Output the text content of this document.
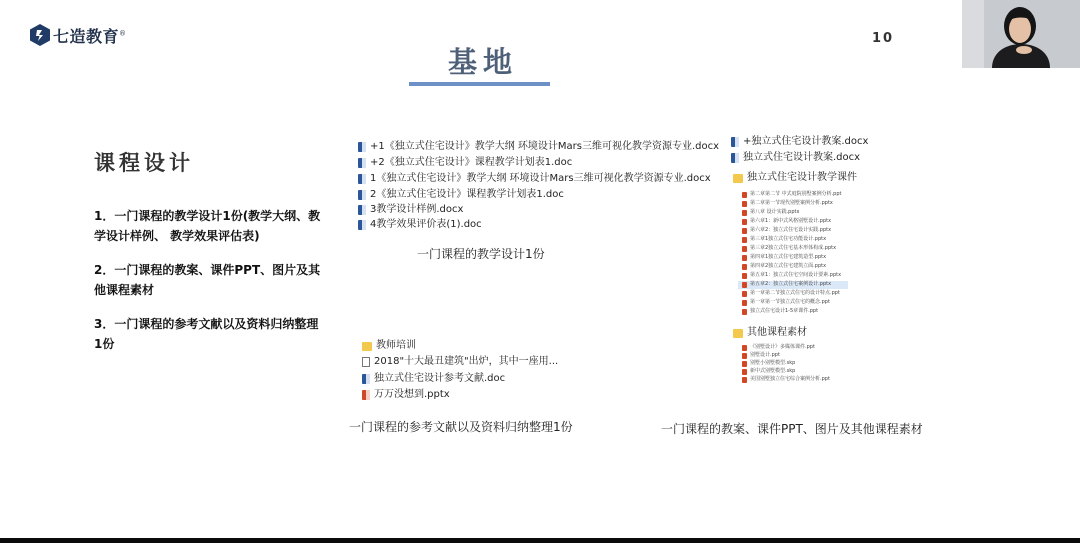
七造教育®	10
基地
课程设计
1．一门课程的教学设计1份(教学大纲、教学设计样例、 教学效果评估表)
2．一门课程的教案、课件PPT、图片及其他课程素材
3．一门课程的参考文献以及资料归纳整理1份
+1《独立式住宅设计》教学大纲 环境设计Mars三维可视化教学资源专业.docx
+2《独立式住宅设计》课程教学计划表1.doc
1《独立式住宅设计》教学大纲 环境设计Mars三维可视化教学资源专业.docx
2《独立式住宅设计》课程教学计划表1.doc
3教学设计样例.docx
4教学效果评价表(1).doc
一门课程的教学设计1份
教师培训
2018"十大最丑建筑"出炉，其中一座用...
独立式住宅设计参考文献.doc
万万没想到.pptx
一门课程的参考文献以及资料归纳整理1份
+独立式住宅设计教案.docx
独立式住宅设计教案.docx
独立式住宅设计教学课件
第二章第二节 中式庭院别墅案例分析.ppt
第二章第一节现代别墅案例分析.pptx
第八章 设计实践.pptx
第六章1：新中式风格别墅设计.pptx
第六章2：独立式住宅设计实践.pptx
第三章1独立式住宅功能设计.pptx
第三章2独立式住宅基本形体构成.pptx
第四章1独立式住宅建筑造型.pptx
第四章2独立式住宅建筑立面.pptx
第五章1：独立式住宅空间设计要素.pptx
第五章2：独立式住宅案例设计.pptx
第一章第二节独立式住宅的设计特点.ppt
第一章第一节独立式住宅的概念.ppt
独立式住宅设计1-5章课件.ppt
其他课程素材
《别墅设计》多媒体课件.ppt
别墅设计.ppt
别墅小别墅模型.skp
新中式别墅模型.skp
美国别墅独立住宅综合案例分析.ppt
一门课程的教案、课件PPT、图片及其他课程素材
